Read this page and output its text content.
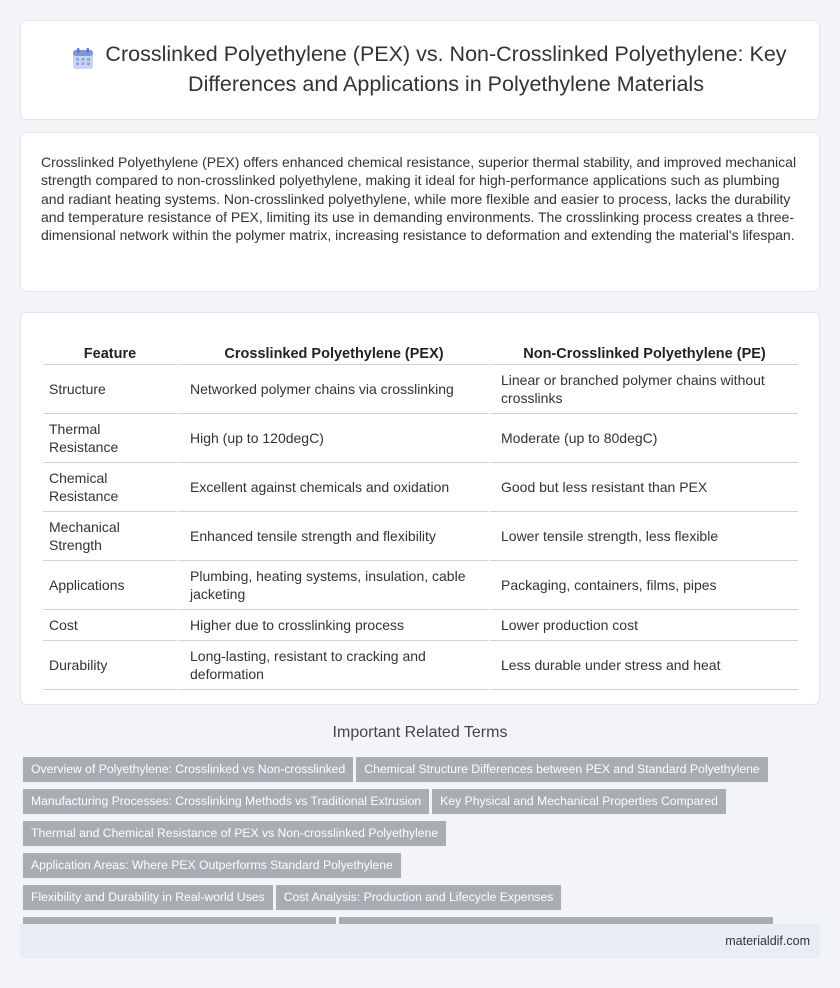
Crosslinked Polyethylene (PEX) vs. Non-Crosslinked Polyethylene: Key Differences and Applications in Polyethylene Materials

Crosslinked Polyethylene (PEX) offers enhanced chemical resistance, superior thermal stability, and improved mechanical strength compared to non-crosslinked polyethylene, making it ideal for high-performance applications such as plumbing and radiant heating systems. Non-crosslinked polyethylene, while more flexible and easier to process, lacks the durability and temperature resistance of PEX, limiting its use in demanding environments. The crosslinking process creates a three-dimensional network within the polymer matrix, increasing resistance to deformation and extending the material's lifespan.

Feature	Crosslinked Polyethylene (PEX)	Non-Crosslinked Polyethylene (PE)
Structure	Networked polymer chains via crosslinking	Linear or branched polymer chains without crosslinks
Thermal Resistance	High (up to 120degC)	Moderate (up to 80degC)
Chemical Resistance	Excellent against chemicals and oxidation	Good but less resistant than PEX
Mechanical Strength	Enhanced tensile strength and flexibility	Lower tensile strength, less flexible
Applications	Plumbing, heating systems, insulation, cable jacketing	Packaging, containers, films, pipes
Cost	Higher due to crosslinking process	Lower production cost
Durability	Long-lasting, resistant to cracking and deformation	Less durable under stress and heat
Important Related Terms
Overview of Polyethylene: Crosslinked vs Non-crosslinked Chemical Structure Differences between PEX and Standard Polyethylene
Manufacturing Processes: Crosslinking Methods vs Traditional Extrusion Key Physical and Mechanical Properties Compared
Thermal and Chemical Resistance of PEX vs Non-crosslinked PolyethyleneApplication Areas: Where PEX Outperforms Standard Polyethylene
Flexibility and Durability in Real-world Uses Cost Analysis: Production and Lifecycle Expenses

materialdif.com
